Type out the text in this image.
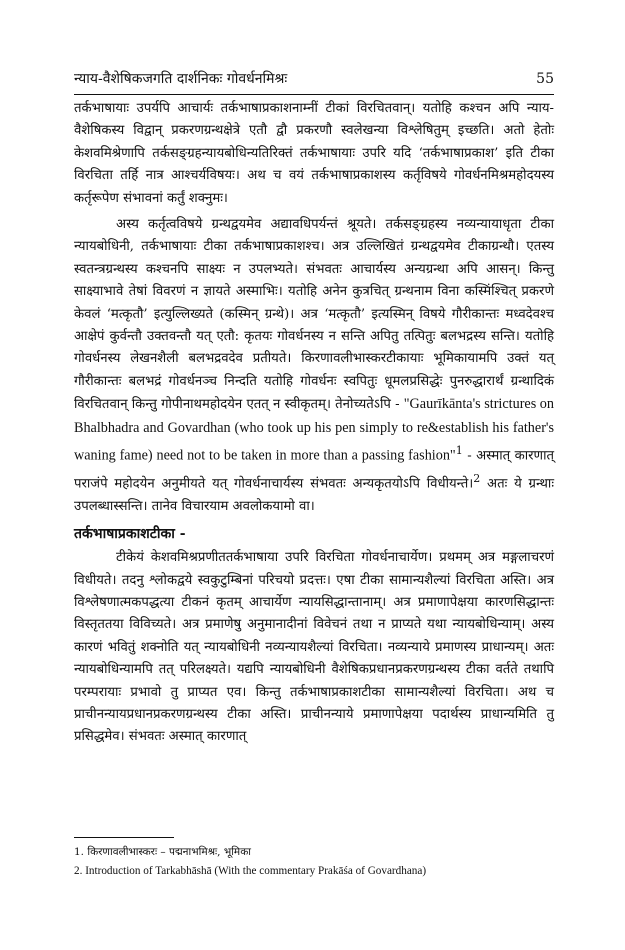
न्याय-वैशेषिकजगति दार्शनिकः गोवर्धनमिश्रः	55

तर्कभाषायाः उपर्यपि आचार्यः तर्कभाषाप्रकाशनाम्नीं टीकां विरचितवान्। यतोहि कश्चन अपि न्याय-वैशेषिकस्य विद्वान् प्रकरणग्रन्थक्षेत्रे एतौ द्वौ प्रकरणौ स्वलेखन्या विश्लेषितुम् इच्छति। अतो हेतोः केशवमिश्रेणापि तर्कसङ्ग्रहन्यायबोधिन्यतिरिक्तं तर्कभाषायाः उपरि यदि ‘तर्कभाषाप्रकाश’ इति टीका विरचिता तर्हि नात्र आश्चर्यविषयः। अथ च वयं तर्कभाषाप्रकाशस्य कर्तृविषये गोवर्धनमिश्रमहोदयस्य कर्तृरूपेण संभावनां कर्तुं शक्नुमः।

अस्य कर्तृत्वविषये ग्रन्थद्वयमेव अद्यावधिपर्यन्तं श्रूयते। तर्कसङ्ग्रहस्य नव्यन्यायाधृता टीका न्यायबोधिनी, तर्कभाषायाः टीका तर्कभाषाप्रकाशश्च। अत्र उल्लिखितं ग्रन्थद्वयमेव टीकाग्रन्थौ। एतस्य स्वतन्त्रग्रन्थस्य कश्चनपि साक्ष्यः न उपलभ्यते। संभवतः आचार्यस्य अन्यग्रन्था अपि आसन्। किन्तु साक्ष्याभावे तेषां विवरणं न ज्ञायते अस्माभिः। यतोहि अनेन कुत्रचित् ग्रन्थनाम विना कस्मिंश्चित् प्रकरणे केवलं ‘मत्कृतौ’ इत्युल्लिख्यते (कस्मिन् ग्रन्थे)। अत्र ‘मत्कृतौ’ इत्यस्मिन् विषये गौरीकान्तः मध्वदेवश्च आक्षेपं कुर्वन्तौ उक्तवन्तौ यत् एतौ: कृतयः गोवर्धनस्य न सन्ति अपितु तत्पितुः बलभद्रस्य सन्ति। यतोहि गोवर्धनस्य लेखनशैली बलभद्रवदेव प्रतीयते। किरणावलीभास्करटीकायाः भूमिकायामपि उक्तं यत् गौरीकान्तः बलभद्रं गोवर्धनञ्च निन्दति यतोहि गोवर्धनः स्वपितुः धूमलप्रसिद्धेः पुनरुद्धारार्थं ग्रन्थादिकं विरचितवान् किन्तु गोपीनाथमहोदयेन एतत् न स्वीकृतम्। तेनोच्यतेऽपि - "Gaurīkānta's strictures on Bhalbhadra and Govardhan (who took up his pen simply to re&establish his father's waning fame) need not to be taken in more than a passing fashion"$^1$ - अस्मात् कारणात् पराजंपे महोदयेन अनुमीयते यत् गोवर्धनाचार्यस्य संभवतः अन्यकृतयोऽपि विधीयन्ते।$^2$ अतः ये ग्रन्थाः उपलब्धास्सन्ति। तानेव विचारयाम अवलोकयामो वा।

तर्कभाषाप्रकाशटीका -

टीकेयं केशवमिश्रप्रणीततर्कभाषाया उपरि विरचिता गोवर्धनाचार्येण। प्रथमम् अत्र मङ्गलाचरणं विधीयते। तदनु श्लोकद्वये स्वकुटुम्बिनां परिचयो प्रदत्तः। एषा टीका सामान्यशैल्यां विरचिता अस्ति। अत्र विश्लेषणात्मकपद्धत्या टीकनं कृतम् आचार्येण न्यायसिद्धान्तानाम्। अत्र प्रमाणापेक्षया कारणसिद्धान्तः विस्तृततया विविच्यते। अत्र प्रमाणेषु अनुमानादीनां विवेचनं तथा न प्राप्यते यथा न्यायबोधिन्याम्। अस्य कारणं भवितुं शक्नोति यत् न्यायबोधिनी नव्यन्यायशैल्यां विरचिता। नव्यन्याये प्रमाणस्य प्राधान्यम्। अतः न्यायबोधिन्यामपि तत् परिलक्ष्यते। यद्यपि न्यायबोधिनी वैशेषिकप्रधानप्रकरणग्रन्थस्य टीका वर्तते तथापि परम्परायाः प्रभावो तु प्राप्यत एव। किन्तु तर्कभाषाप्रकाशटीका सामान्यशैल्यां विरचिता। अथ च प्राचीनन्यायप्रधानप्रकरणग्रन्थस्य टीका अस्ति। प्राचीनन्याये प्रमाणापेक्षया पदार्थस्य प्राधान्यमिति तु प्रसिद्धमेव। संभवतः अस्मात् कारणात्

1. किरणावलीभास्करः – पद्मनाभमिश्रः, भूमिका
2. Introduction of Tarkabhāshā (With the commentary Prakāśa of Govardhana)
